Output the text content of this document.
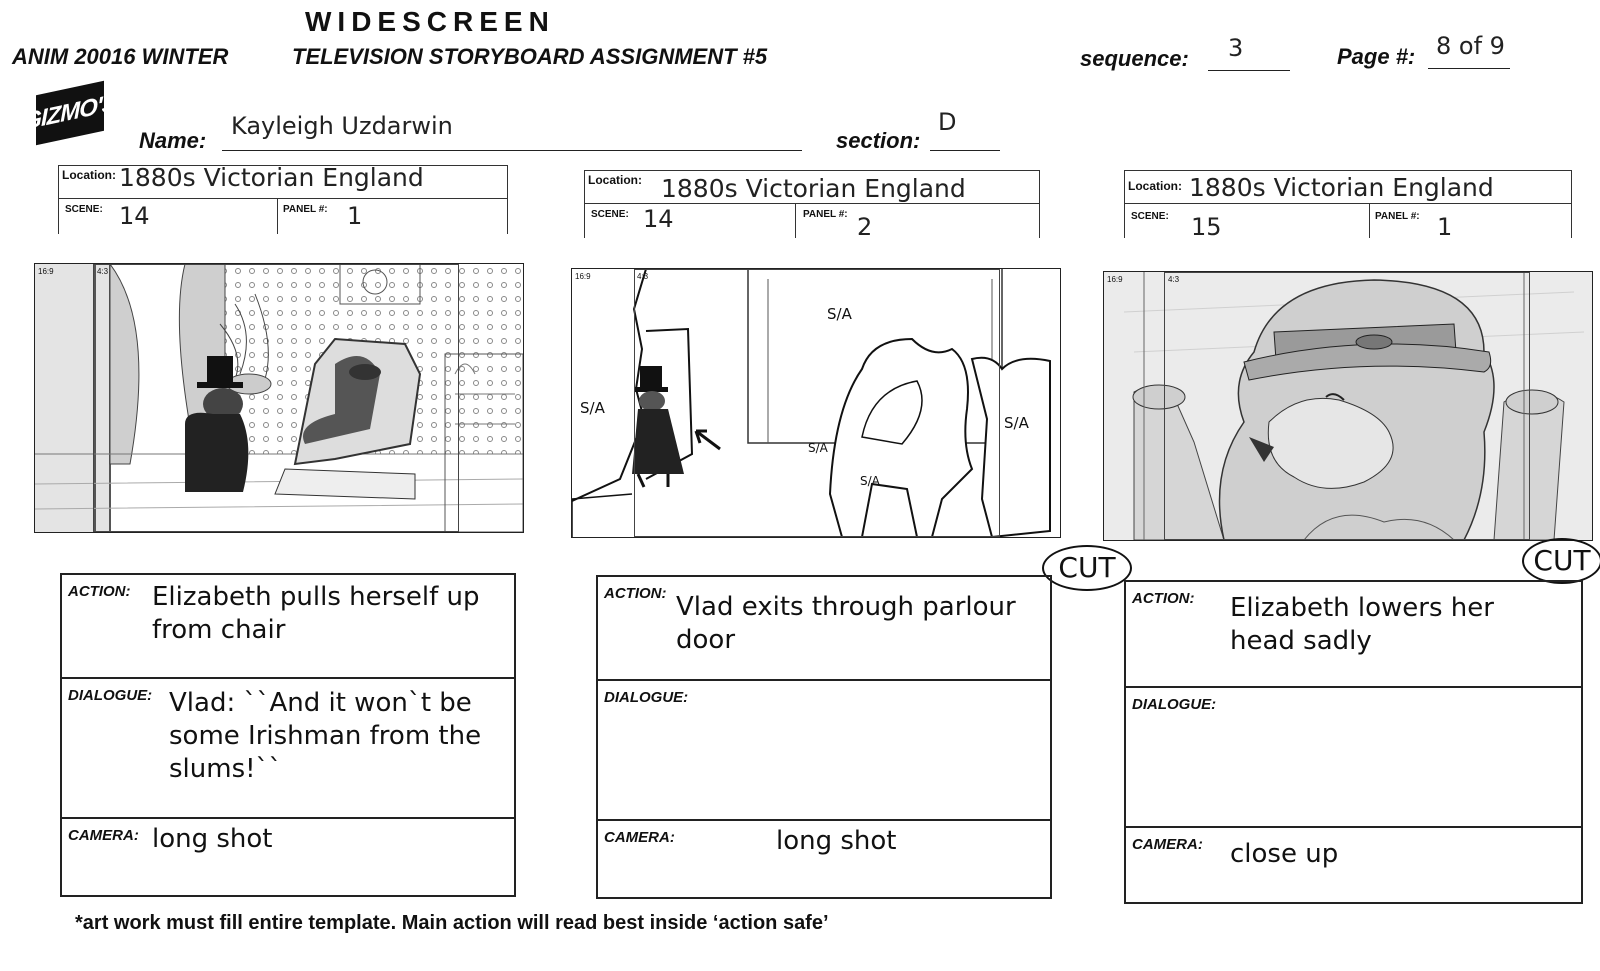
WIDESCREEN
ANIM 20016 WINTER	TELEVISION STORYBOARD ASSIGNMENT #5	sequence: 3	Page #: 8 of 9
GIZMO'S
Name:
Kayleigh Uzdarwin
section:
D
Location: 1880s Victorian England
SCENE: 14	PANEL #: 1
Location: 1880s Victorian England
SCENE: 14	PANEL #: 2
Location: 1880s Victorian England
SCENE: 15	PANEL #: 1
16:9	4:3
16:9	4:3
S/A
S/A
S/A
S/A
S/A
CUT
16:9	4:3
CUT
ACTION: Elizabeth pulls herself up
from chair
DIALOGUE: Vlad: ``And it won`t be
some Irishman from the
slums!``
CAMERA: long shot
ACTION: Vlad exits through parlour
door
DIALOGUE:
CAMERA:	long shot
ACTION: Elizabeth lowers her
head sadly
DIALOGUE:
CAMERA: close up
*art work must fill entire template. Main action will read best inside ‘action safe’
